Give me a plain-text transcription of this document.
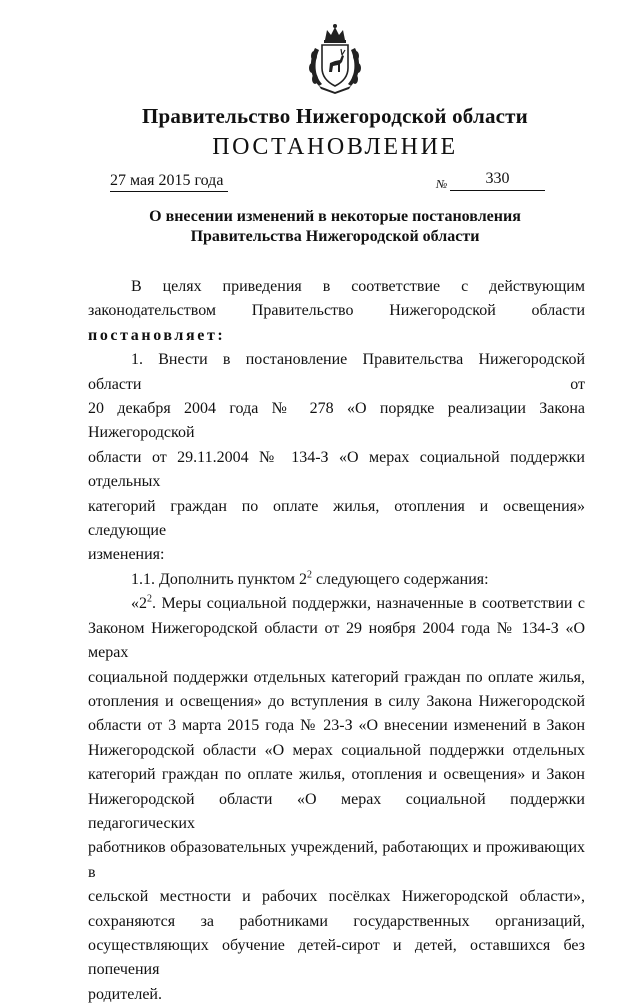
Правительство Нижегородской области
ПОСТАНОВЛЕНИЕ
27 мая 2015 года	№	330
О внесении изменений в некоторые постановления
Правительства Нижегородской области

В целях приведения в соответствие с действующим

законодательством Правительство Нижегородской области

постановляет:

1. Внести в постановление Правительства Нижегородской области от

20 декабря 2004 года № 278 «О порядке реализации Закона Нижегородской

области от 29.11.2004 № 134-З «О мерах социальной поддержки отдельных

категорий граждан по оплате жилья, отопления и освещения» следующие

изменения:

1.1. Дополнить пунктом $2^2$ следующего содержания:

«$2^2$. Меры социальной поддержки, назначенные в соответствии с

Законом Нижегородской области от 29 ноября 2004 года № 134-З «О мерах

социальной поддержки отдельных категорий граждан по оплате жилья,

отопления и освещения» до вступления в силу Закона Нижегородской

области от 3 марта 2015 года № 23-З «О внесении изменений в Закон

Нижегородской области «О мерах социальной поддержки отдельных

категорий граждан по оплате жилья, отопления и освещения» и Закон

Нижегородской области «О мерах социальной поддержки педагогических

работников образовательных учреждений, работающих и проживающих в

сельской местности и рабочих посёлках Нижегородской области»,

сохраняются за работниками государственных организаций,

осуществляющих обучение детей-сирот и детей, оставшихся без попечения

родителей.
